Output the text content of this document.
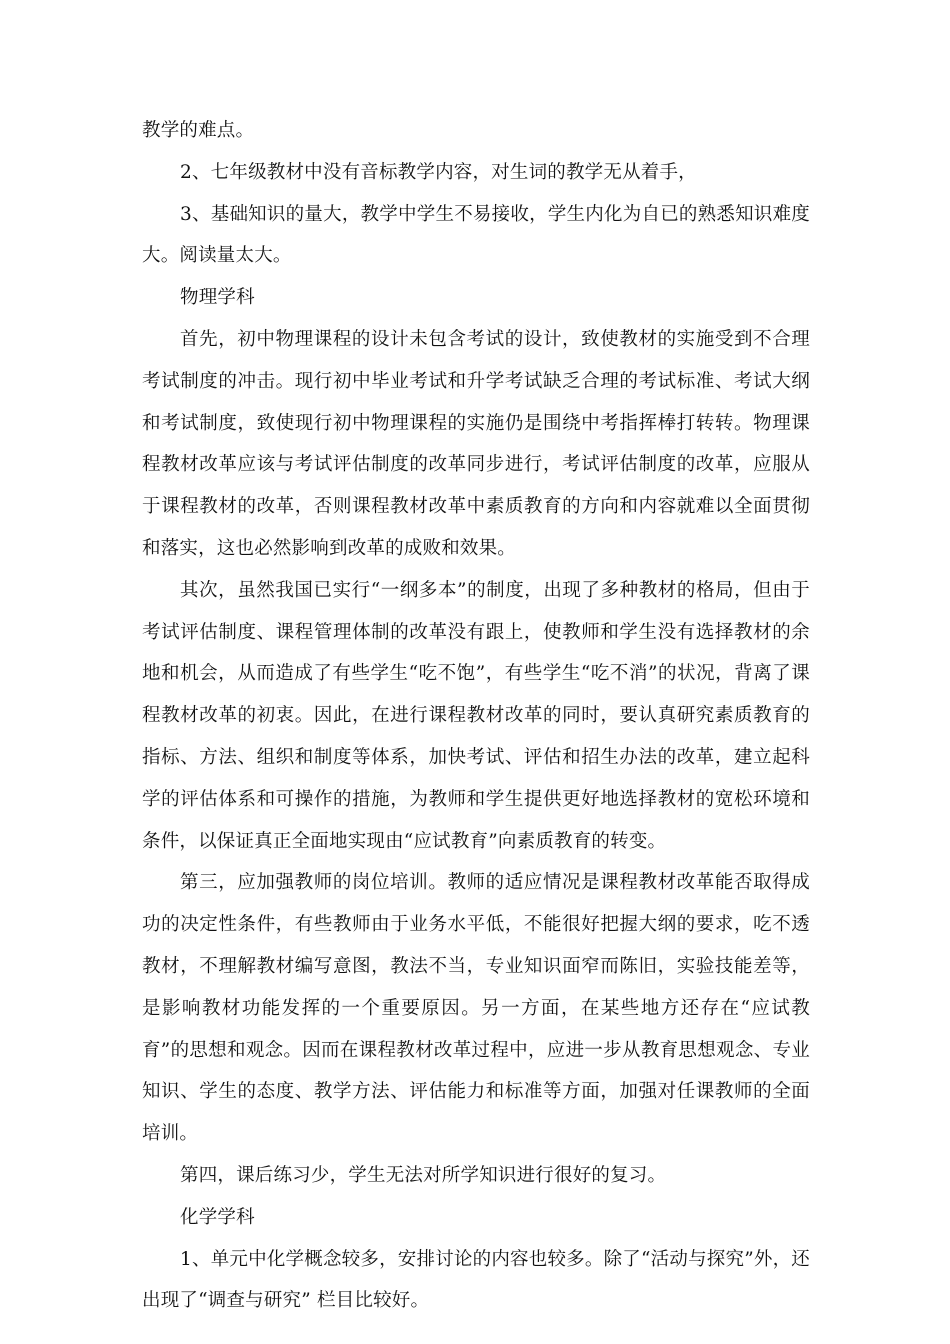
教学的难点。

2、七年级教材中没有音标教学内容，对生词的教学无从着手，

3、基础知识的量大，教学中学生不易接收，学生内化为自已的熟悉知识难度大。阅读量太大。

物理学科

首先，初中物理课程的设计未包含考试的设计，致使教材的实施受到不合理考试制度的冲击。现行初中毕业考试和升学考试缺乏合理的考试标准、考试大纲和考试制度，致使现行初中物理课程的实施仍是围绕中考指挥棒打转转。物理课程教材改革应该与考试评估制度的改革同步进行，考试评估制度的改革，应服从于课程教材的改革，否则课程教材改革中素质教育的方向和内容就难以全面贯彻和落实，这也必然影响到改革的成败和效果。

其次，虽然我国已实行“一纲多本”的制度，出现了多种教材的格局，但由于考试评估制度、课程管理体制的改革没有跟上，使教师和学生没有选择教材的余地和机会，从而造成了有些学生“吃不饱”，有些学生“吃不消”的状况，背离了课程教材改革的初衷。因此，在进行课程教材改革的同时，要认真研究素质教育的指标、方法、组织和制度等体系，加快考试、评估和招生办法的改革，建立起科学的评估体系和可操作的措施，为教师和学生提供更好地选择教材的宽松环境和条件，以保证真正全面地实现由“应试教育”向素质教育的转变。

第三，应加强教师的岗位培训。教师的适应情况是课程教材改革能否取得成功的决定性条件，有些教师由于业务水平低，不能很好把握大纲的要求，吃不透教材，不理解教材编写意图，教法不当，专业知识面窄而陈旧，实验技能差等，是影响教材功能发挥的一个重要原因。另一方面，在某些地方还存在“应试教育”的思想和观念。因而在课程教材改革过程中，应进一步从教育思想观念、专业知识、学生的态度、教学方法、评估能力和标准等方面，加强对任课教师的全面培训。

第四，课后练习少，学生无法对所学知识进行很好的复习。

化学学科

1、单元中化学概念较多，安排讨论的内容也较多。除了“活动与探究”外，还出现了“调查与研究” 栏目比较好。
